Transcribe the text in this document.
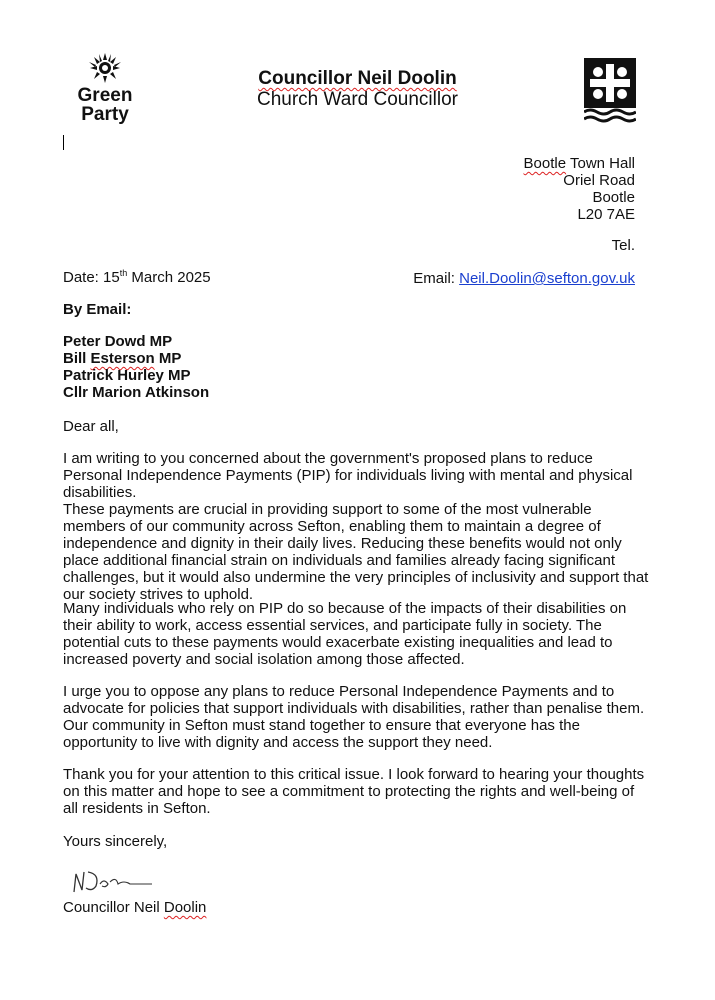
Green
Party
Councillor Neil Doolin
Church Ward Councillor
Bootle Town Hall
Oriel Road
Bootle
L20 7AE
Tel.
Date: 15th March 2025	Email: Neil.Doolin@sefton.gov.uk
By Email:
Peter Dowd MP
Bill Esterson MP
Patrick Hurley MP
Cllr Marion Atkinson
Dear all,

I am writing to you concerned about the government's proposed plans to reduce Personal Independence Payments (PIP) for individuals living with mental and physical disabilities.

These payments are crucial in providing support to some of the most vulnerable members of our community across Sefton, enabling them to maintain a degree of independence and dignity in their daily lives. Reducing these benefits would not only place additional financial strain on individuals and families already facing significant challenges, but it would also undermine the very principles of inclusivity and support that our society strives to uphold.

Many individuals who rely on PIP do so because of the impacts of their disabilities on their ability to work, access essential services, and participate fully in society. The potential cuts to these payments would exacerbate existing inequalities and lead to increased poverty and social isolation among those affected.

I urge you to oppose any plans to reduce Personal Independence Payments and to advocate for policies that support individuals with disabilities, rather than penalise them. Our community in Sefton must stand together to ensure that everyone has the opportunity to live with dignity and access the support they need.

Thank you for your attention to this critical issue. I look forward to hearing your thoughts on this matter and hope to see a commitment to protecting the rights and well-being of all residents in Sefton.

Yours sincerely,
Councillor Neil Doolin
